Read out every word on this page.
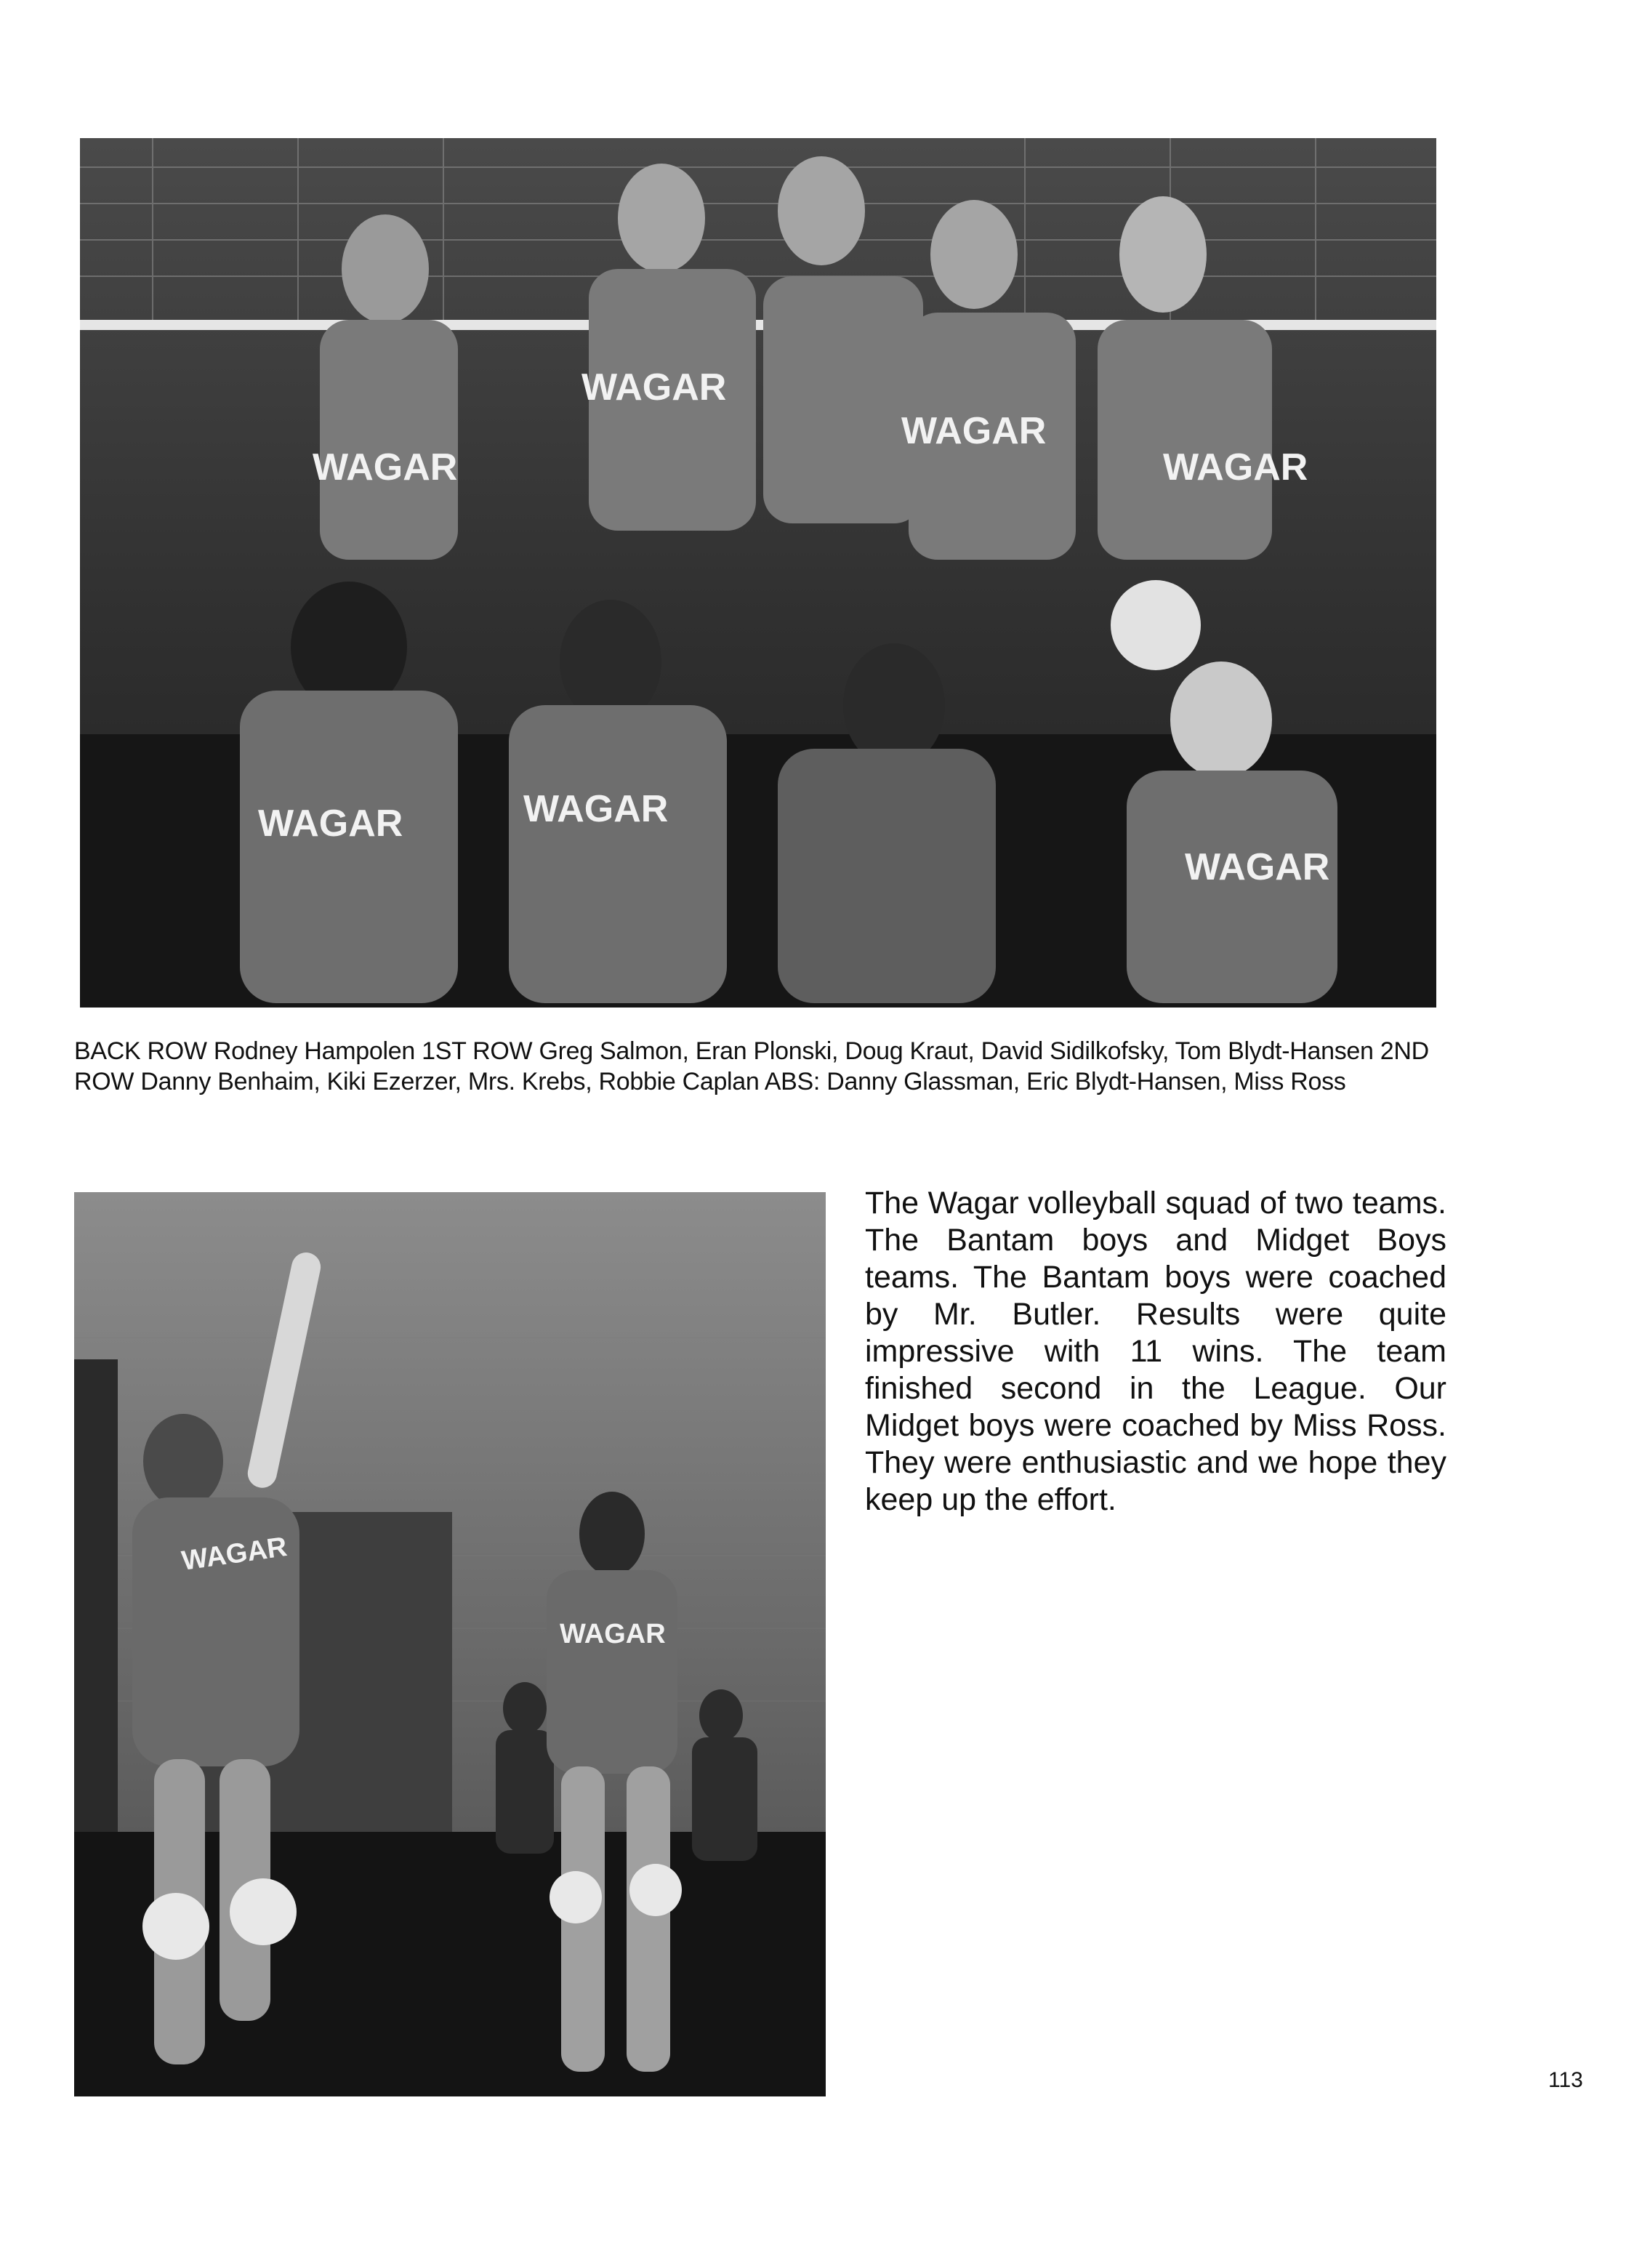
WAGAR
WAGAR
WAGAR
WAGAR
WAGAR	WAGAR
WAGAR
BACK ROW Rodney Hampolen 1ST ROW Greg Salmon, Eran Plonski, Doug Kraut, David Sidilkofsky, Tom Blydt-Hansen 2ND ROW Danny Benhaim, Kiki Ezerzer, Mrs. Krebs, Robbie Caplan ABS: Danny Glassman, Eric Blydt-Hansen, Miss Ross
WAGAR
WAGAR

The Wagar volleyball squad of two teams. The Bantam boys and Midget Boys teams. The Bantam boys were coached by Mr. Butler. Results were quite impressive with 11 wins. The team finished second in the League. Our Midget boys were coached by Miss Ross. They were enthusiastic and we hope they keep up the effort.

113
